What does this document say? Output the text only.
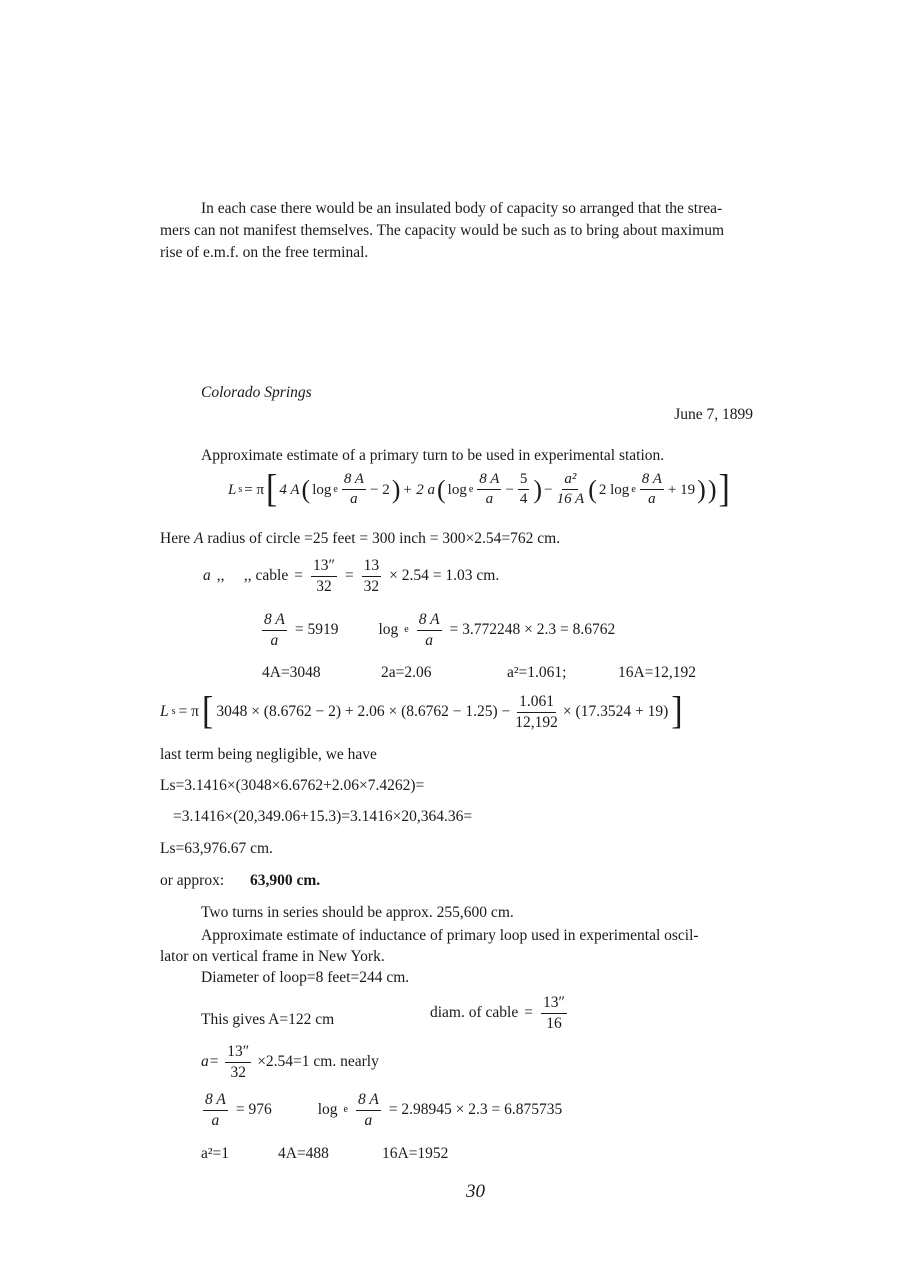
In each case there would be an insulated body of capacity so arranged that the strea-
mers can not manifest themselves. The capacity would be such as to bring about maximum
rise of e.m.f. on the free terminal.
Colorado Springs
June 7, 1899
Approximate estimate of a primary turn to be used in experimental station.
L s = π [ 4 A ( log e
8 A
a
− 2 ) + 2 a ( log e
8 A
a
− $\frac{5}{4}$ ) − $\frac{\text{a²}}{16 A}$ ( 2 log e
8 A
a
+ 19 ) ) ]
Here A radius of circle =25 feet = 300 inch = 300×2.54=762 cm.
a ,,     ,, cable = $\frac{13''}{32} = \frac{13}{32} \times 2.54 = 1.03$ cm.
$\frac{8 A}{a} = 5919$	log e $\frac{8 A}{a} = 3.772248 \times 2.3 = 8.6762$
4A=3048	2a=2.06	a²=1.061;	16A=12,192
L s = π [ $3048 \times (8.6762 - 2) + 2.06 \times (8.6762 - 1.25) - \frac{1.061}{12,192} \times (17.3524 + 19)$ ]
last term being negligible, we have
Ls=3.1416×(3048×6.6762+2.06×7.4262)=
=3.1416×(20,349.06+15.3)=3.1416×20,364.36=
Ls=63,976.67 cm.
or approx: 63,900 cm.
Two turns in series should be approx. 255,600 cm.
Approximate estimate of inductance of primary loop used in experimental oscil-
lator on vertical frame in New York.
Diameter of loop=8 feet=244 cm.
This gives A=122 cm	diam. of cable = $\frac{13''}{16}$
$a= \frac{13''}{32} \times 2.54=1$ cm. nearly
$\frac{8 A}{a} = 976$	log e $\frac{8 A}{a} = 2.98945 \times 2.3 = 6.875735$
a²=1	4A=488	16A=1952
30
